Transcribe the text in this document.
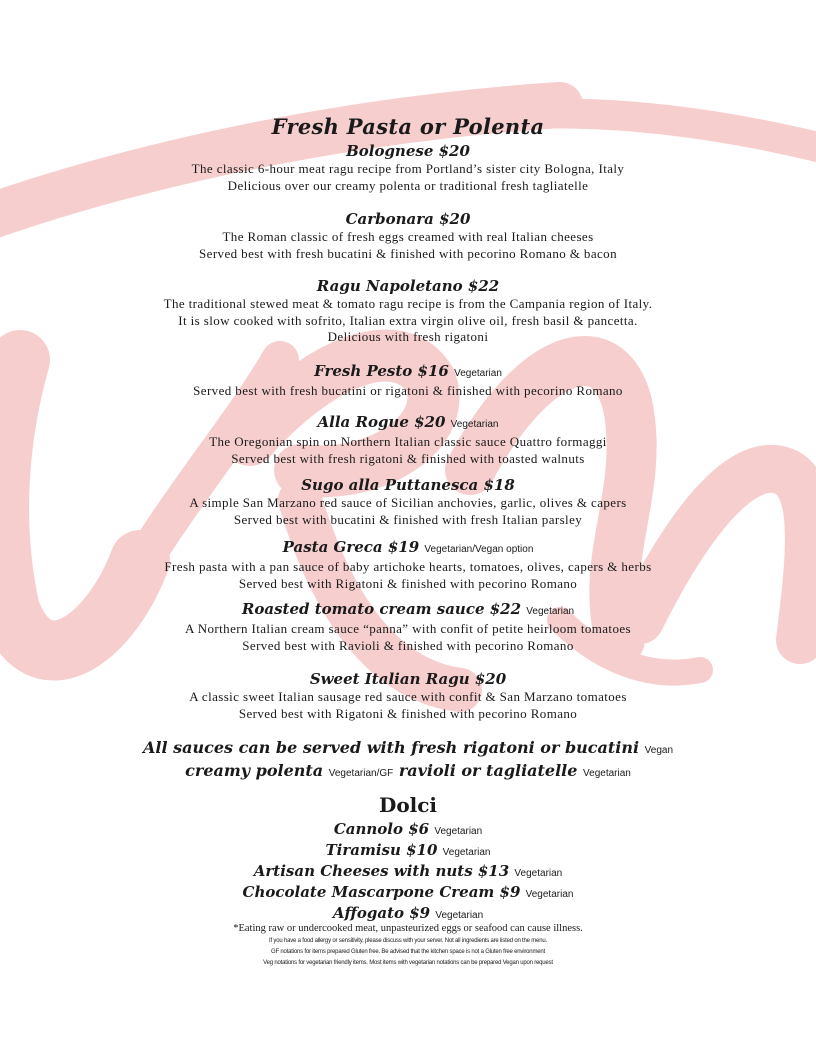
Fresh Pasta or Polenta
Bolognese $20
The classic 6-hour meat ragu recipe from Portland’s sister city Bologna, Italy
Delicious over our creamy polenta or traditional fresh tagliatelle
Carbonara $20
The Roman classic of fresh eggs creamed with real Italian cheeses
Served best with fresh bucatini & finished with pecorino Romano & bacon
Ragu Napoletano $22
The traditional stewed meat & tomato ragu recipe is from the Campania region of Italy.
It is slow cooked with sofrito, Italian extra virgin olive oil, fresh basil & pancetta.
Delicious with fresh rigatoni
Fresh Pesto $16 Vegetarian
Served best with fresh bucatini or rigatoni & finished with pecorino Romano
Alla Rogue $20 Vegetarian
The Oregonian spin on Northern Italian classic sauce Quattro formaggi
Served best with fresh rigatoni & finished with toasted walnuts
Sugo alla Puttanesca $18
A simple San Marzano red sauce of Sicilian anchovies, garlic, olives & capers
Served best with bucatini & finished with fresh Italian parsley
Pasta Greca $19 Vegetarian/Vegan option
Fresh pasta with a pan sauce of baby artichoke hearts, tomatoes, olives, capers & herbs
Served best with Rigatoni & finished with pecorino Romano
Roasted tomato cream sauce $22 Vegetarian
A Northern Italian cream sauce “panna” with confit of petite heirloom tomatoes
Served best with Ravioli & finished with pecorino Romano
Sweet Italian Ragu $20
A classic sweet Italian sausage red sauce with confit & San Marzano tomatoes
Served best with Rigatoni & finished with pecorino Romano
All sauces can be served with fresh rigatoni or bucatini Vegan
creamy polenta Vegetarian/GF ravioli or tagliatelle Vegetarian
Dolci
Cannolo $6 Vegetarian
Tiramisu $10 Vegetarian
Artisan Cheeses with nuts $13 Vegetarian
Chocolate Mascarpone Cream $9 Vegetarian
Affogato $9 Vegetarian
*Eating raw or undercooked meat, unpasteurized eggs or seafood can cause illness.
If you have a food allergy or sensitivity, please discuss with your server. Not all ingredients are listed on the menu.
GF notations for items prepared Gluten free. Be advised that the kitchen space is not a Gluten free environment
Veg notations for vegetarian friendly items. Most items with vegetarian notations can be prepared Vegan upon request
